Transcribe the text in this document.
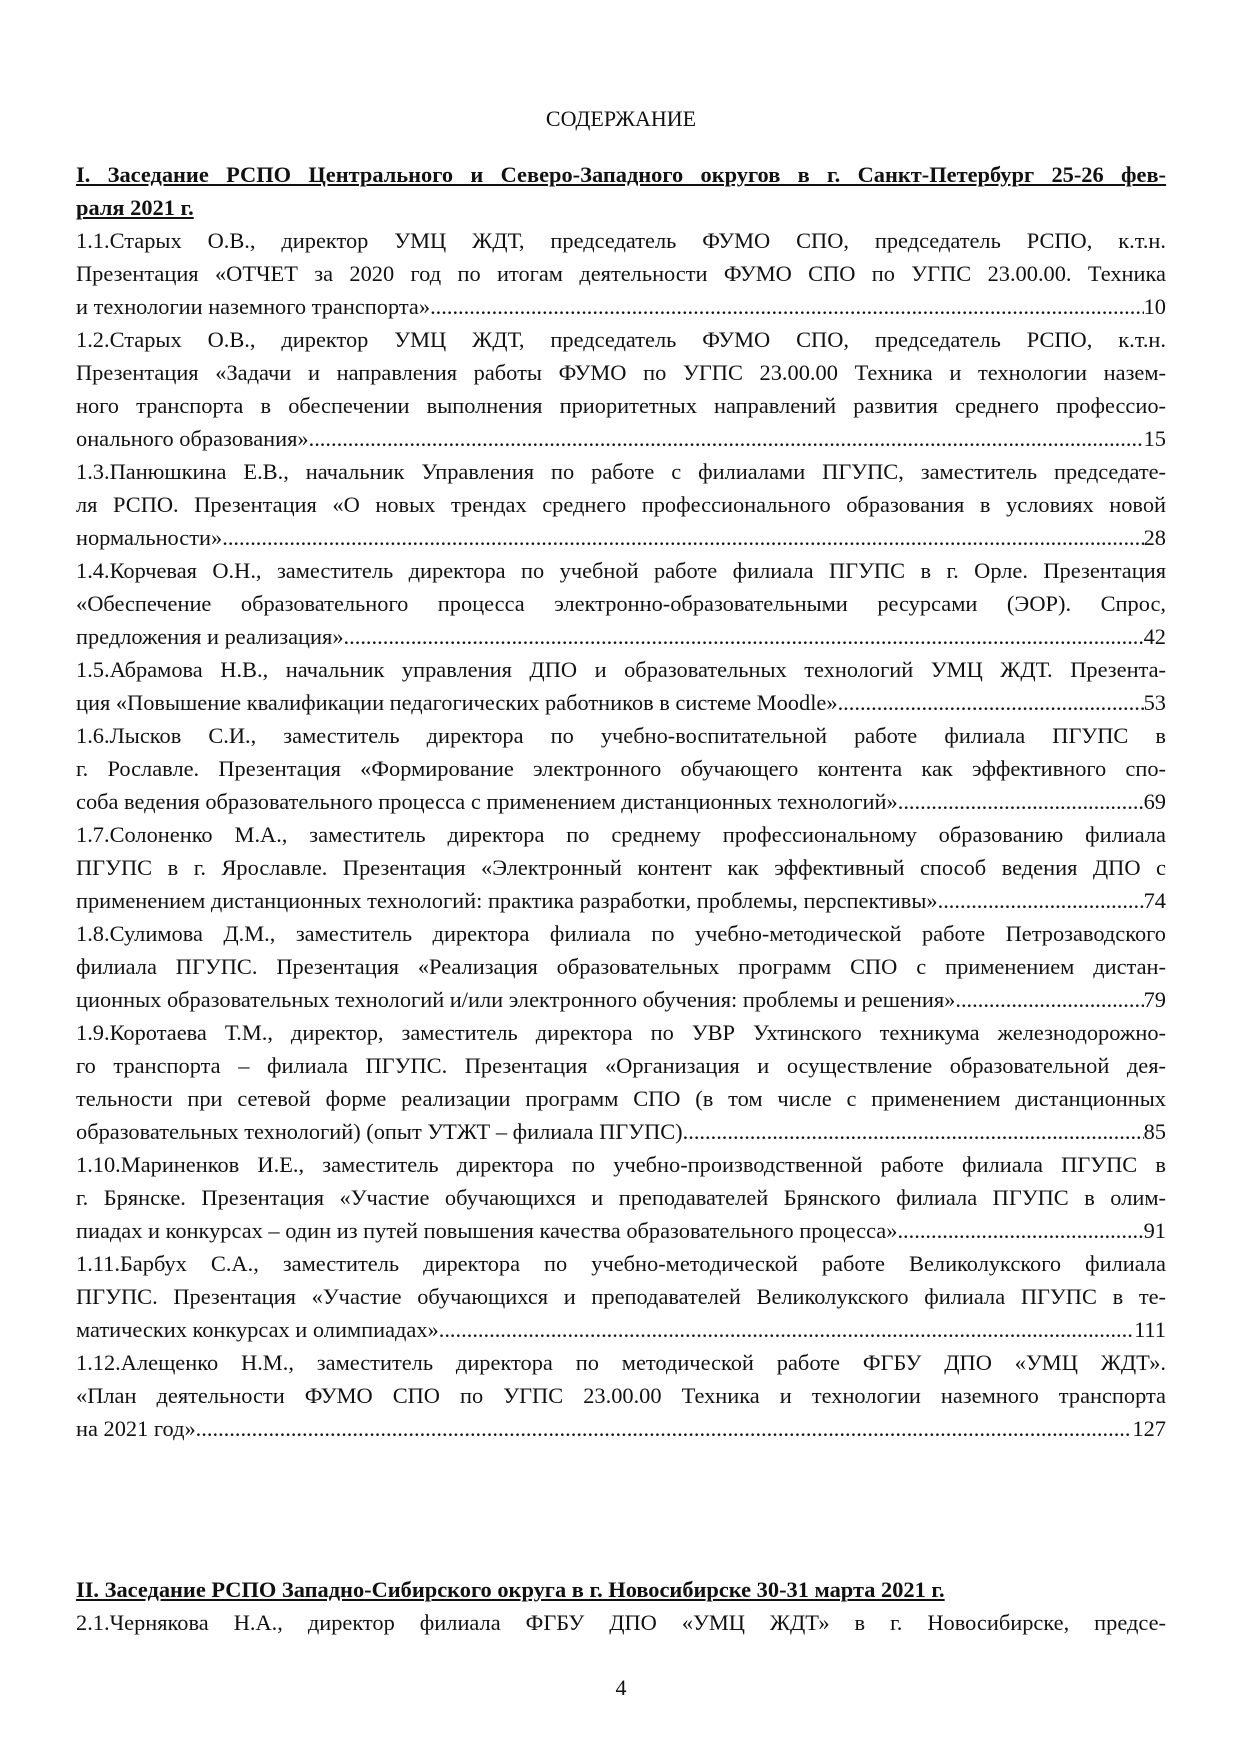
СОДЕРЖАНИЕ
I. Заседание РСПО Центрального и Северо-Западного округов в г. Санкт-Петербург 25-26 фев-
раля 2021 г.
1.1.Старых О.В., директор УМЦ ЖДТ, председатель ФУМО СПО, председатель РСПО, к.т.н.
Презентация «ОТЧЕТ за 2020 год по итогам деятельности ФУМО СПО по УГПС 23.00.00. Техника
и технологии наземного транспорта» .....	10
1.2.Старых О.В., директор УМЦ ЖДТ, председатель ФУМО СПО, председатель РСПО, к.т.н.
Презентация «Задачи и направления работы ФУМО по УГПС 23.00.00 Техника и технологии назем-
ного транспорта в обеспечении выполнения приоритетных направлений развития среднего профессио-
онального образования» .....	15
1.3.Панюшкина Е.В., начальник Управления по работе с филиалами ПГУПС, заместитель председате-
ля РСПО. Презентация «О новых трендах среднего профессионального образования в условиях новой
нормальности» .....	28
1.4.Корчевая О.Н., заместитель директора по учебной работе филиала ПГУПС в г. Орле. Презентация
«Обеспечение образовательного процесса электронно-образовательными ресурсами (ЭОР). Спрос,
предложения и реализация» .....	42
1.5.Абрамова Н.В., начальник управления ДПО и образовательных технологий УМЦ ЖДТ. Презента-
ция «Повышение квалификации педагогических работников в системе Moodle» .....	53
1.6.Лысков С.И., заместитель директора по учебно-воспитательной работе филиала ПГУПС в
г. Рославле. Презентация «Формирование электронного обучающего контента как эффективного спо-
соба ведения образовательного процесса с применением дистанционных технологий» .....	69
1.7.Солоненко М.А., заместитель директора по среднему профессиональному образованию филиала
ПГУПС в г. Ярославле. Презентация «Электронный контент как эффективный способ ведения ДПО с
применением дистанционных технологий: практика разработки, проблемы, перспективы» .....	74
1.8.Сулимова Д.М., заместитель директора филиала по учебно-методической работе Петрозаводского
филиала ПГУПС. Презентация «Реализация образовательных программ СПО с применением дистан-
ционных образовательных технологий и/или электронного обучения: проблемы и решения» .....	79
1.9.Коротаева Т.М., директор, заместитель директора по УВР Ухтинского техникума железнодорожно-
го транспорта – филиала ПГУПС. Презентация «Организация и осуществление образовательной дея-
тельности при сетевой форме реализации программ СПО (в том числе с применением дистанционных
образовательных технологий) (опыт УТЖТ – филиала ПГУПС) .....	85
1.10.Мариненков И.Е., заместитель директора по учебно-производственной работе филиала ПГУПС в
г. Брянске. Презентация «Участие обучающихся и преподавателей Брянского филиала ПГУПС в олим-
пиадах и конкурсах – один из путей повышения качества образовательного процесса» .....	91
1.11.Барбух С.А., заместитель директора по учебно-методической работе Великолукского филиала
ПГУПС. Презентация «Участие обучающихся и преподавателей Великолукского филиала ПГУПС в те-
матических конкурсах и олимпиадах» .....	111
1.12.Алещенко Н.М., заместитель директора по методической работе ФГБУ ДПО «УМЦ ЖДТ».
«План деятельности ФУМО СПО по УГПС 23.00.00 Техника и технологии наземного транспорта
на 2021 год» .....	127
II. Заседание РСПО Западно-Сибирского округа в г. Новосибирске 30-31 марта 2021 г.
2.1.Чернякова Н.А., директор филиала ФГБУ ДПО «УМЦ ЖДТ» в г. Новосибирске, предсе-
4
